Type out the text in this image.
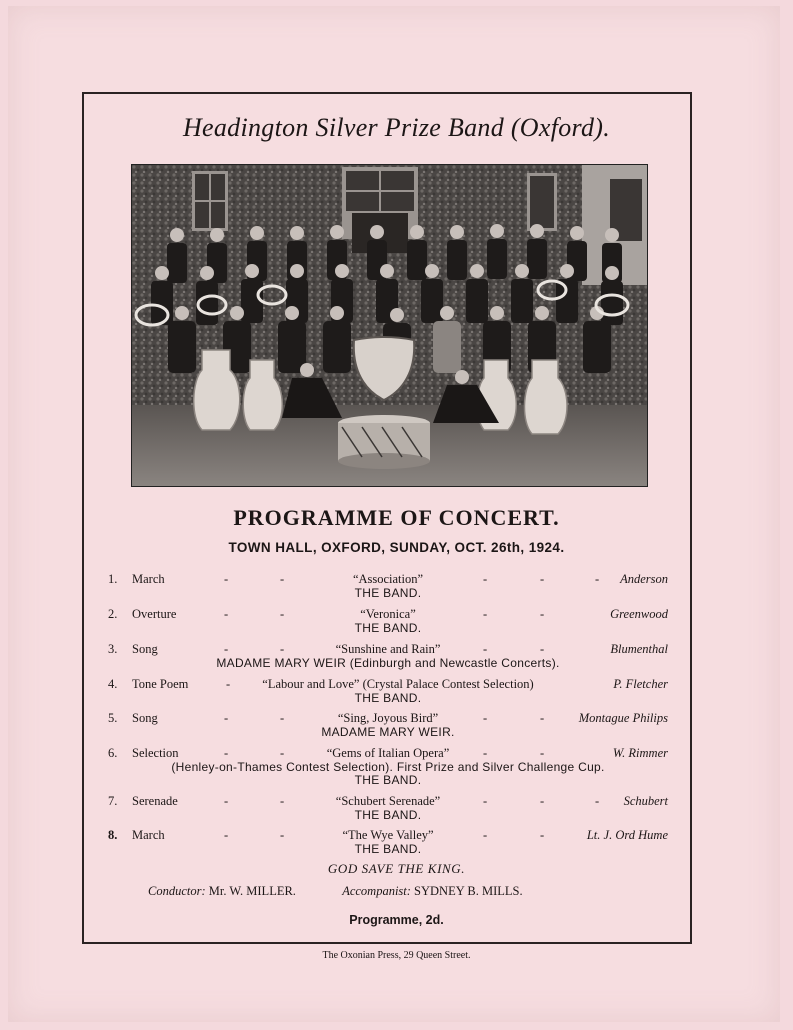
Headington Silver Prize Band (Oxford).
PROGRAMME OF CONCERT.
TOWN HALL, OXFORD, SUNDAY, OCT. 26th, 1924.
1. March	-	-	“Association”	-	-	- Anderson
THE BAND.
2. Overture	-	-	“Veronica”	-	-	Greenwood
THE BAND.
3. Song	-	-	“Sunshine and Rain”	-	-	Blumenthal
MADAME MARY WEIR (Edinburgh and Newcastle Concerts).
4. Tone Poem	-	“Labour and Love” (Crystal Palace Contest Selection)	P. Fletcher
THE BAND.
5. Song	-	-	“Sing, Joyous Bird”	-	-	Montague Philips
MADAME MARY WEIR.
6. Selection	-	-	“Gems of Italian Opera”	-	-	W. Rimmer
(Henley-on-Thames Contest Selection). First Prize and Silver Challenge Cup.
THE BAND.
7. Serenade	-	-	“Schubert Serenade”	-	-	- Schubert
THE BAND.
8. March	-	-	“The Wye Valley”	-	-	Lt. J. Ord Hume
THE BAND.
GOD SAVE THE KING.
Conductor: Mr. W. MILLER.	Accompanist: SYDNEY B. MILLS.
Programme, 2d.
The Oxonian Press, 29 Queen Street.
